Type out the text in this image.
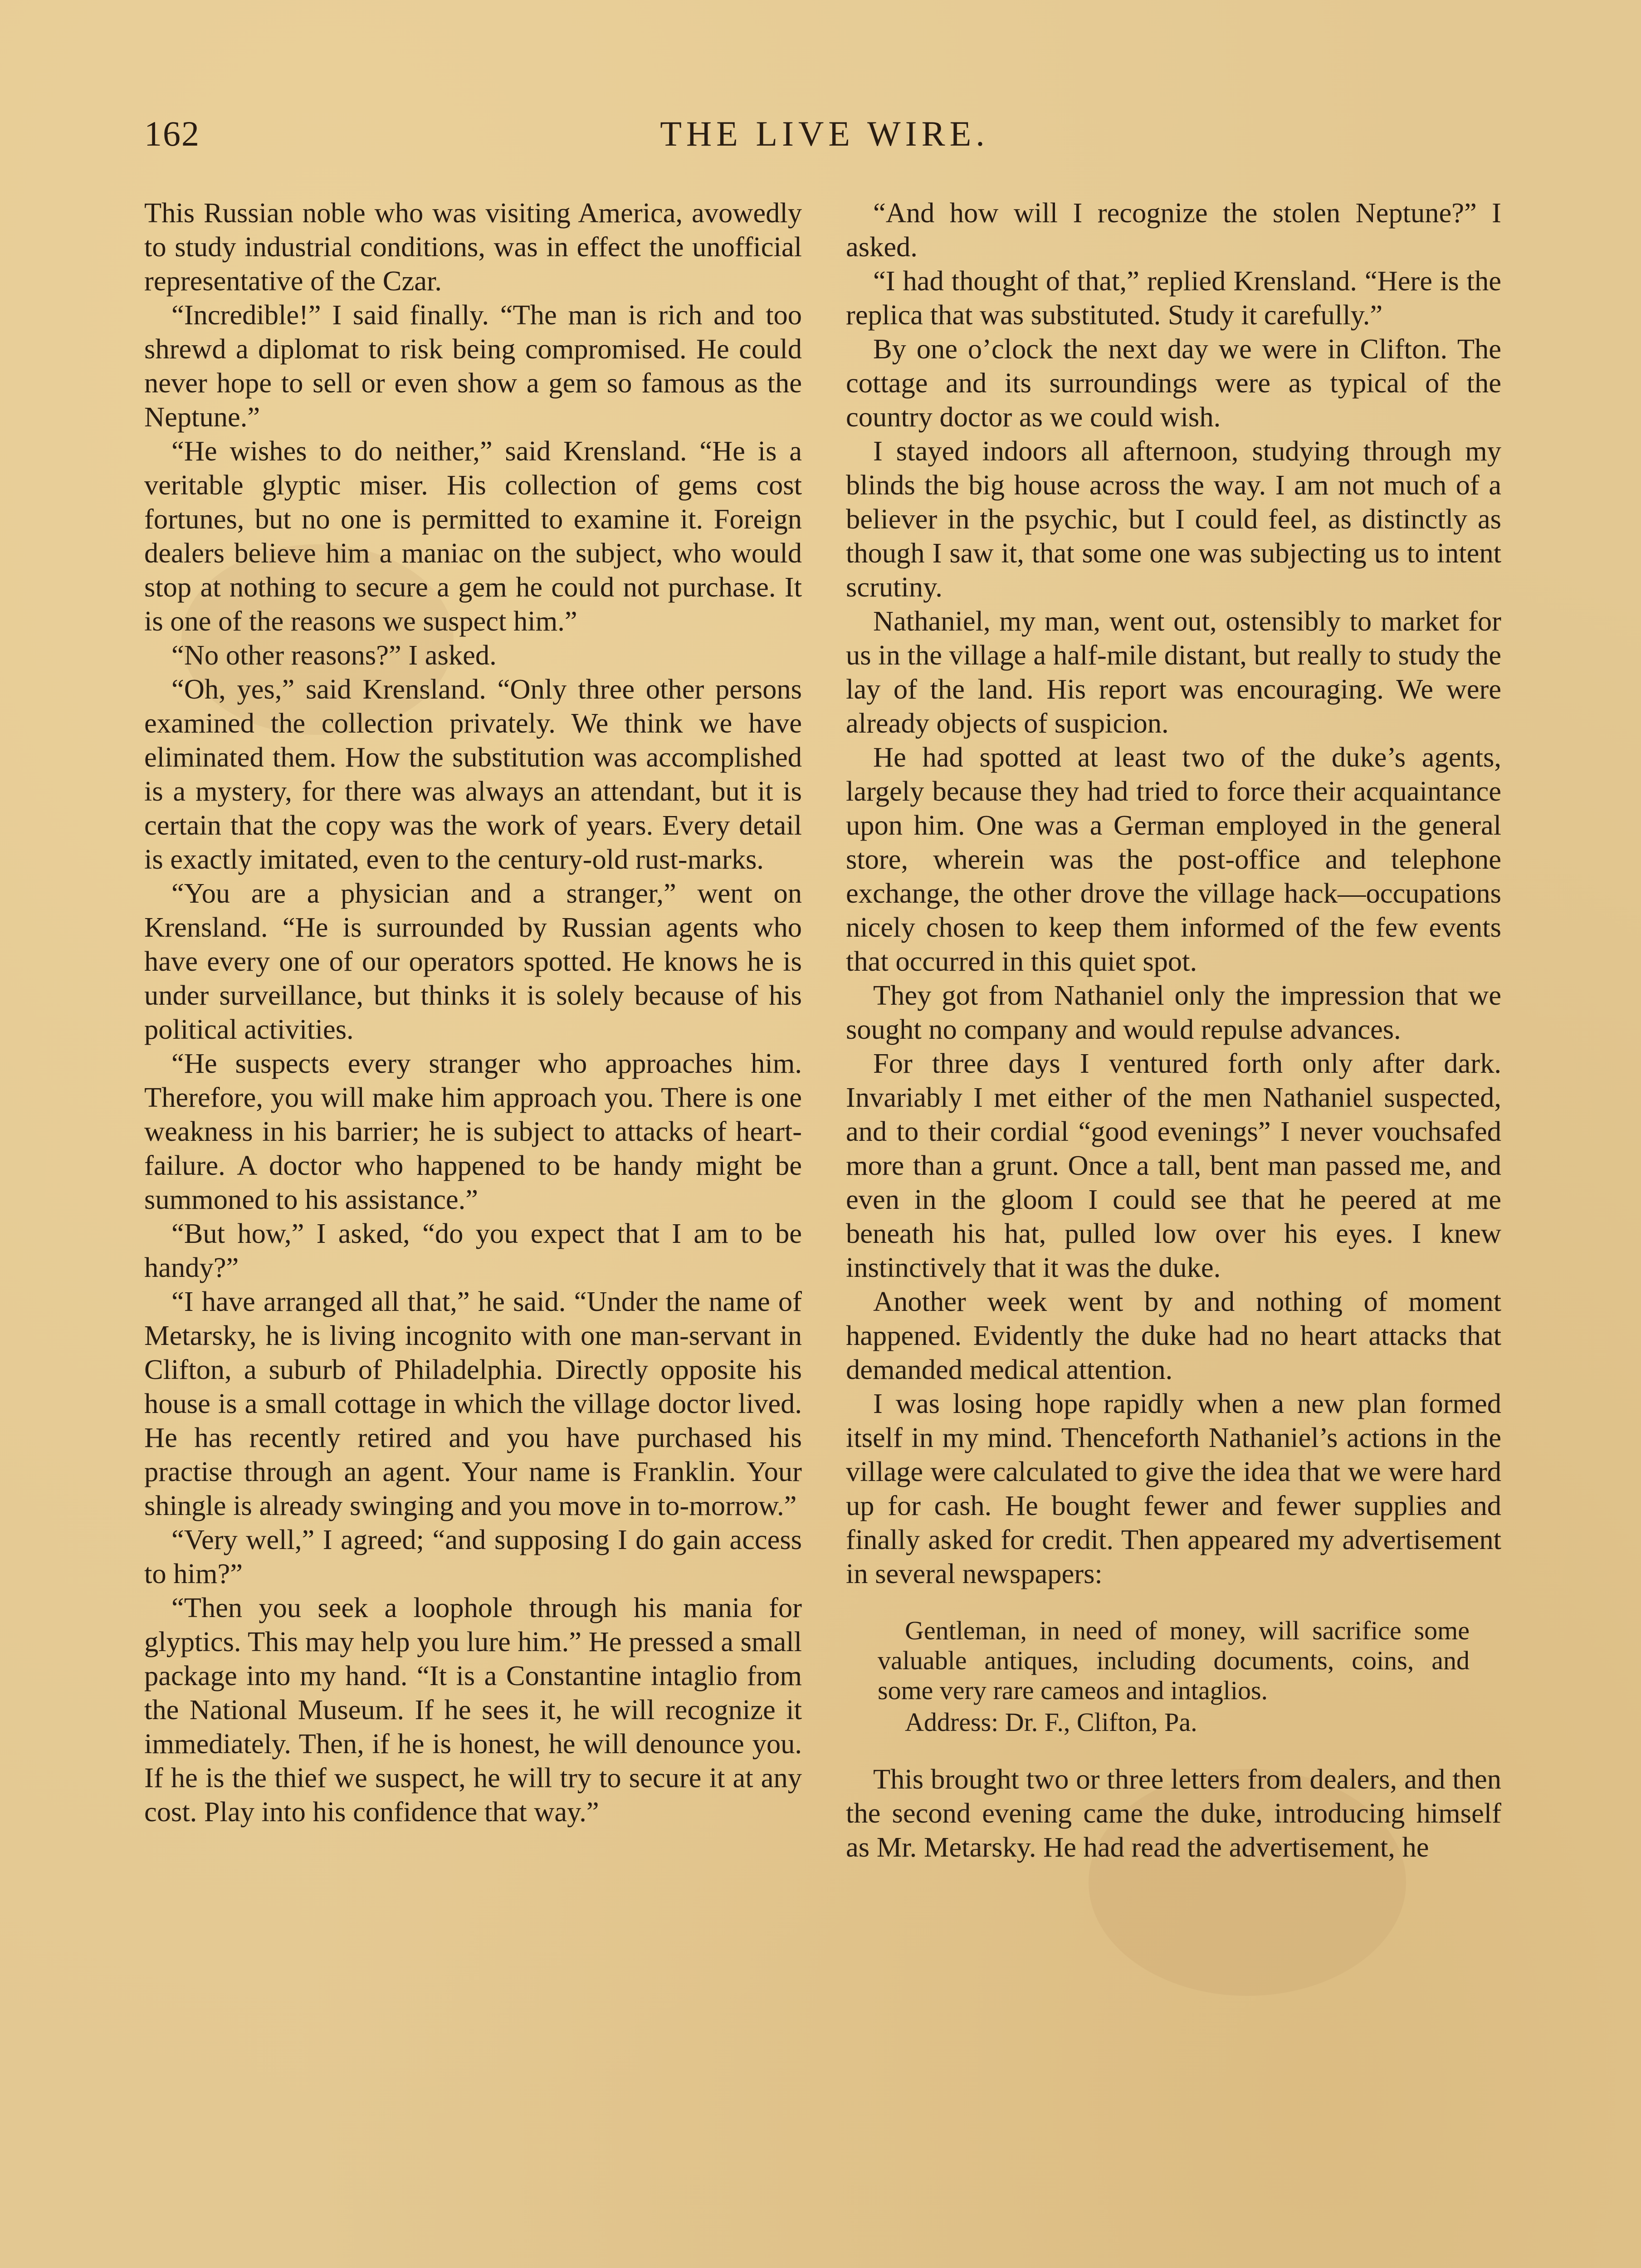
162	THE LIVE WIRE.

This Russian noble who was visiting America, avowedly to study industrial conditions, was in effect the unofficial representative of the Czar.

“Incredible!” I said finally. “The man is rich and too shrewd a diplomat to risk being compromised. He could never hope to sell or even show a gem so famous as the Neptune.”

“He wishes to do neither,” said Krensland. “He is a veritable glyptic miser. His collection of gems cost fortunes, but no one is permitted to examine it. Foreign dealers believe him a maniac on the subject, who would stop at nothing to secure a gem he could not purchase. It is one of the reasons we suspect him.”

“No other reasons?” I asked.

“Oh, yes,” said Krensland. “Only three other persons examined the collection privately. We think we have eliminated them. How the substitution was accomplished is a mystery, for there was always an attendant, but it is certain that the copy was the work of years. Every detail is exactly imitated, even to the century-old rust-marks.

“You are a physician and a stranger,” went on Krensland. “He is surrounded by Russian agents who have every one of our operators spotted. He knows he is under surveillance, but thinks it is solely because of his political activities.

“He suspects every stranger who approaches him. Therefore, you will make him approach you. There is one weakness in his barrier; he is subject to attacks of heart-failure. A doctor who happened to be handy might be summoned to his assistance.”

“But how,” I asked, “do you expect that I am to be handy?”

“I have arranged all that,” he said. “Under the name of Metarsky, he is living incognito with one man-servant in Clifton, a suburb of Philadelphia. Directly opposite his house is a small cottage in which the village doctor lived. He has recently retired and you have purchased his practise through an agent. Your name is Franklin. Your shingle is already swinging and you move in to-morrow.”

“Very well,” I agreed; “and supposing I do gain access to him?”

“Then you seek a loophole through his mania for glyptics. This may help you lure him.” He pressed a small package into my hand. “It is a Constantine intaglio from the National Museum. If he sees it, he will recognize it immediately. Then, if he is honest, he will denounce you. If he is the thief we suspect, he will try to secure it at any cost. Play into his confidence that way.”

“And how will I recognize the stolen Neptune?” I asked.

“I had thought of that,” replied Krensland. “Here is the replica that was substituted. Study it carefully.”

By one o’clock the next day we were in Clifton. The cottage and its surroundings were as typical of the country doctor as we could wish.

I stayed indoors all afternoon, studying through my blinds the big house across the way. I am not much of a believer in the psychic, but I could feel, as distinctly as though I saw it, that some one was subjecting us to intent scrutiny.

Nathaniel, my man, went out, ostensibly to market for us in the village a half-mile distant, but really to study the lay of the land. His report was encouraging. We were already objects of suspicion.

He had spotted at least two of the duke’s agents, largely because they had tried to force their acquaintance upon him. One was a German employed in the general store, wherein was the post-office and telephone exchange, the other drove the village hack—occupations nicely chosen to keep them informed of the few events that occurred in this quiet spot.

They got from Nathaniel only the impression that we sought no company and would repulse advances.

For three days I ventured forth only after dark. Invariably I met either of the men Nathaniel suspected, and to their cordial “good evenings” I never vouchsafed more than a grunt. Once a tall, bent man passed me, and even in the gloom I could see that he peered at me beneath his hat, pulled low over his eyes. I knew instinctively that it was the duke.

Another week went by and nothing of moment happened. Evidently the duke had no heart attacks that demanded medical attention.

I was losing hope rapidly when a new plan formed itself in my mind. Thenceforth Nathaniel’s actions in the village were calculated to give the idea that we were hard up for cash. He bought fewer and fewer supplies and finally asked for credit. Then appeared my advertisement in several newspapers:

Gentleman, in need of money, will sacrifice some valuable antiques, including documents, coins, and some very rare cameos and intaglios.

Address: Dr. F., Clifton, Pa.

This brought two or three letters from dealers, and then the second evening came the duke, introducing himself as Mr. Metarsky. He had read the advertisement, he
